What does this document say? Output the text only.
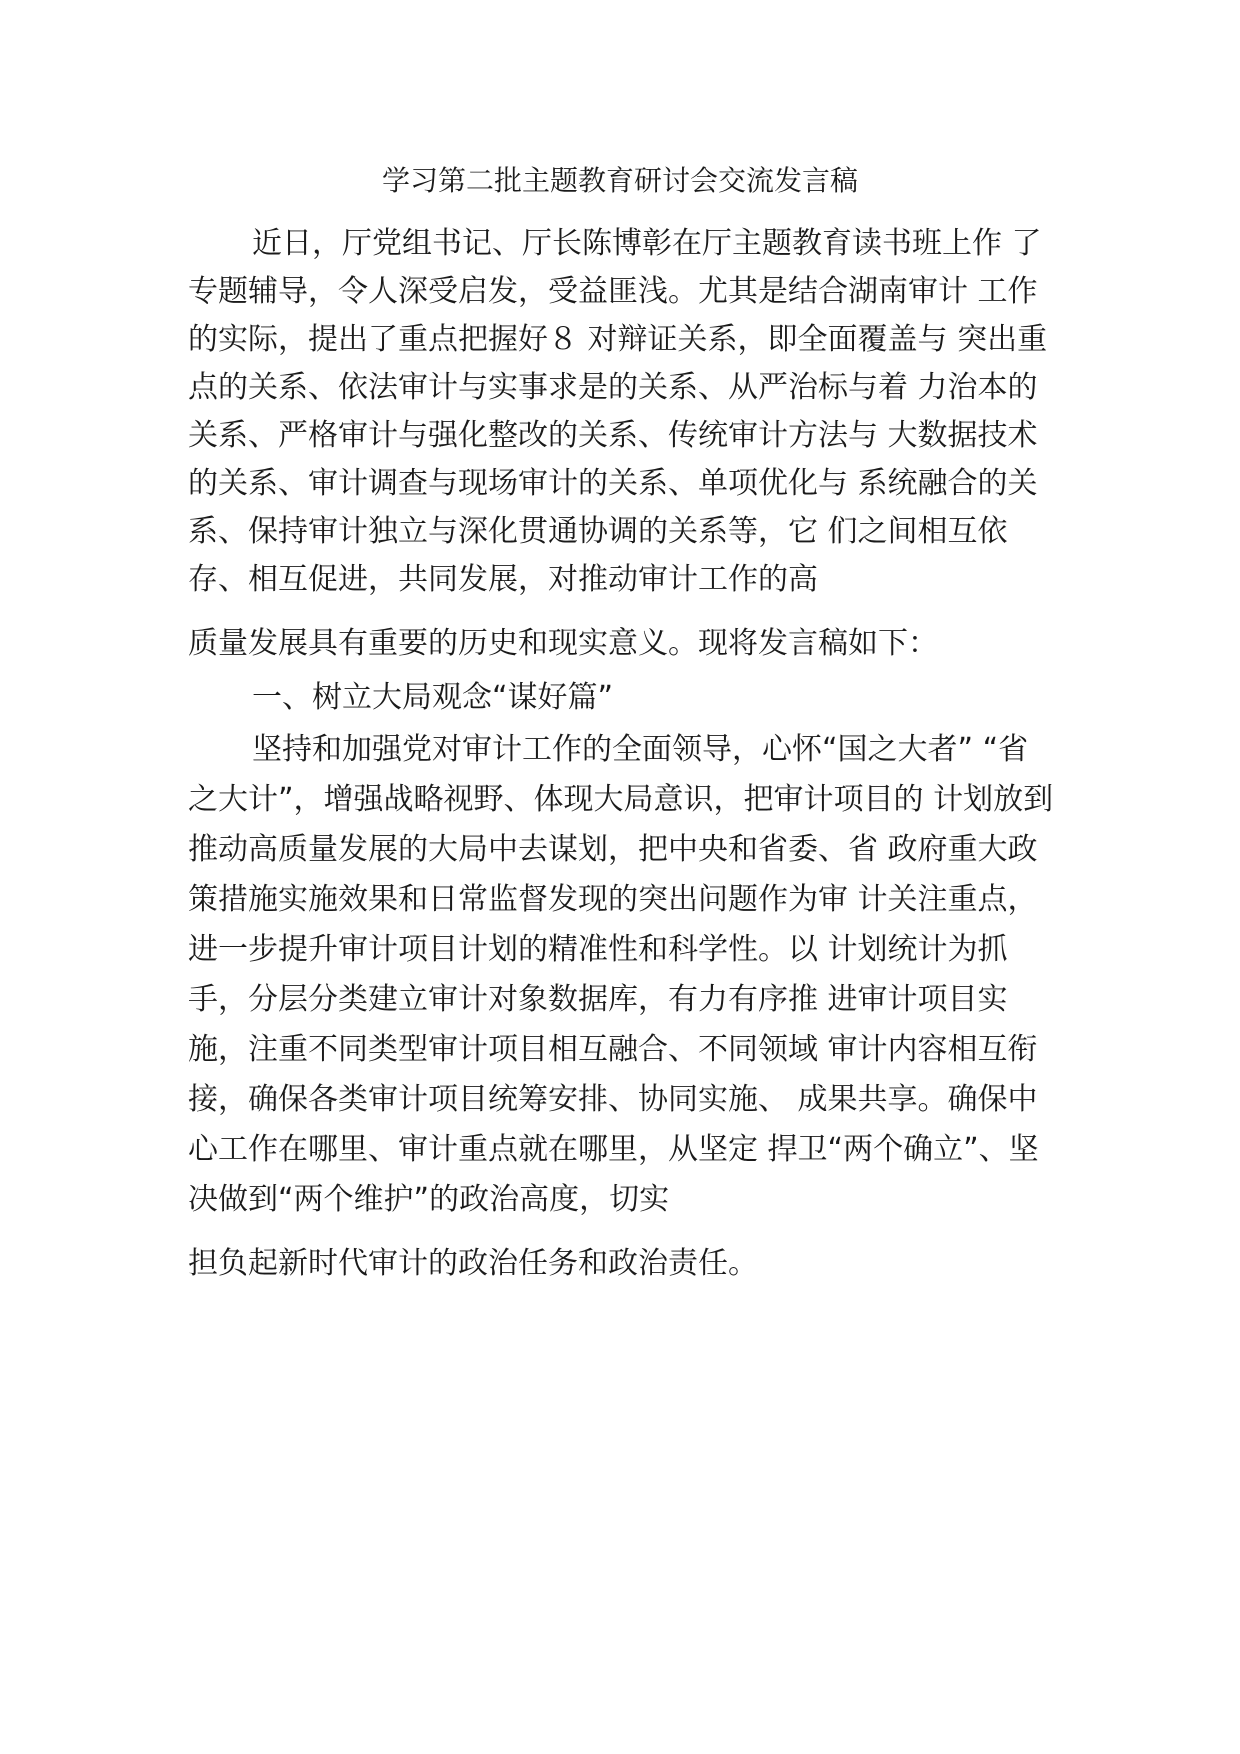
学习第二批主题教育研讨会交流发言稿
近日，厅党组书记、厅长陈博彰在厅主题教育读书班上作 了
专题辅导，令人深受启发，受益匪浅。尤其是结合湖南审计 工作
的实际，提出了重点把握好８ 对辩证关系，即全面覆盖与 突出重
点的关系、依法审计与实事求是的关系、从严治标与着 力治本的
关系、严格审计与强化整改的关系、传统审计方法与 大数据技术
的关系、审计调查与现场审计的关系、单项优化与 系统融合的关
系、保持审计独立与深化贯通协调的关系等，它 们之间相互依
存、相互促进，共同发展，对推动审计工作的高
质量发展具有重要的历史和现实意义。现将发言稿如下：
一、树立大局观念“谋好篇”
坚持和加强党对审计工作的全面领导，心怀“国之大者” “省
之大计”，增强战略视野、体现大局意识，把审计项目的 计划放到
推动高质量发展的大局中去谋划，把中央和省委、省 政府重大政
策措施实施效果和日常监督发现的突出问题作为审 计关注重点，
进一步提升审计项目计划的精准性和科学性。以 计划统计为抓
手，分层分类建立审计对象数据库，有力有序推 进审计项目实
施，注重不同类型审计项目相互融合、不同领域 审计内容相互衔
接，确保各类审计项目统筹安排、协同实施、 成果共享。确保中
心工作在哪里、审计重点就在哪里，从坚定 捍卫“两个确立”、坚
决做到“两个维护”的政治高度，切实
担负起新时代审计的政治任务和政治责任。
